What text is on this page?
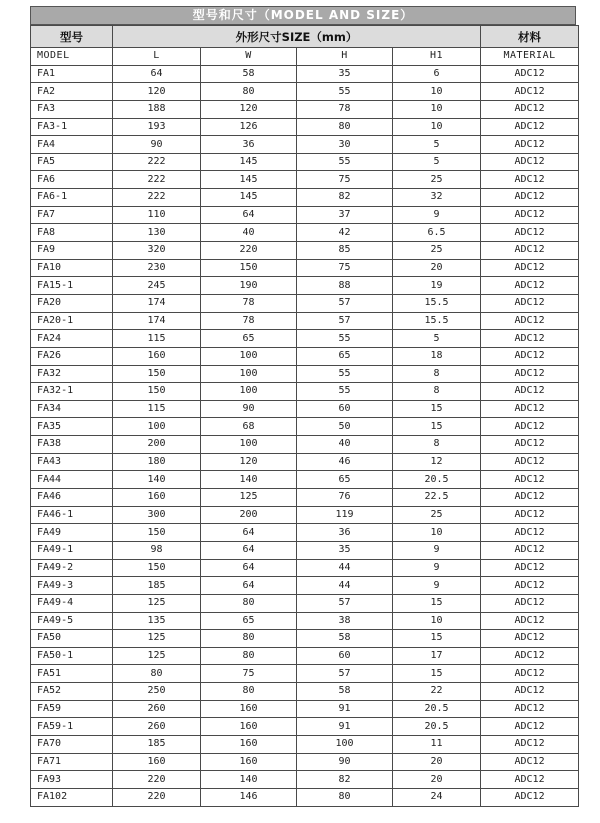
型号和尺寸（MODEL AND SIZE）
型号	外形尺寸SIZE（mm）				材料
MODEL	L	W	H	H1	MATERIAL
FA1	64	58	35	6	ADC12
FA2	120	80	55	10	ADC12
FA3	188	120	78	10	ADC12
FA3-1	193	126	80	10	ADC12
FA4	90	36	30	5	ADC12
FA5	222	145	55	5	ADC12
FA6	222	145	75	25	ADC12
FA6-1	222	145	82	32	ADC12
FA7	110	64	37	9	ADC12
FA8	130	40	42	6.5	ADC12
FA9	320	220	85	25	ADC12
FA10	230	150	75	20	ADC12
FA15-1	245	190	88	19	ADC12
FA20	174	78	57	15.5	ADC12
FA20-1	174	78	57	15.5	ADC12
FA24	115	65	55	5	ADC12
FA26	160	100	65	18	ADC12
FA32	150	100	55	8	ADC12
FA32-1	150	100	55	8	ADC12
FA34	115	90	60	15	ADC12
FA35	100	68	50	15	ADC12
FA38	200	100	40	8	ADC12
FA43	180	120	46	12	ADC12
FA44	140	140	65	20.5	ADC12
FA46	160	125	76	22.5	ADC12
FA46-1	300	200	119	25	ADC12
FA49	150	64	36	10	ADC12
FA49-1	98	64	35	9	ADC12
FA49-2	150	64	44	9	ADC12
FA49-3	185	64	44	9	ADC12
FA49-4	125	80	57	15	ADC12
FA49-5	135	65	38	10	ADC12
FA50	125	80	58	15	ADC12
FA50-1	125	80	60	17	ADC12
FA51	80	75	57	15	ADC12
FA52	250	80	58	22	ADC12
FA59	260	160	91	20.5	ADC12
FA59-1	260	160	91	20.5	ADC12
FA70	185	160	100	11	ADC12
FA71	160	160	90	20	ADC12
FA93	220	140	82	20	ADC12
FA102	220	146	80	24	ADC12
